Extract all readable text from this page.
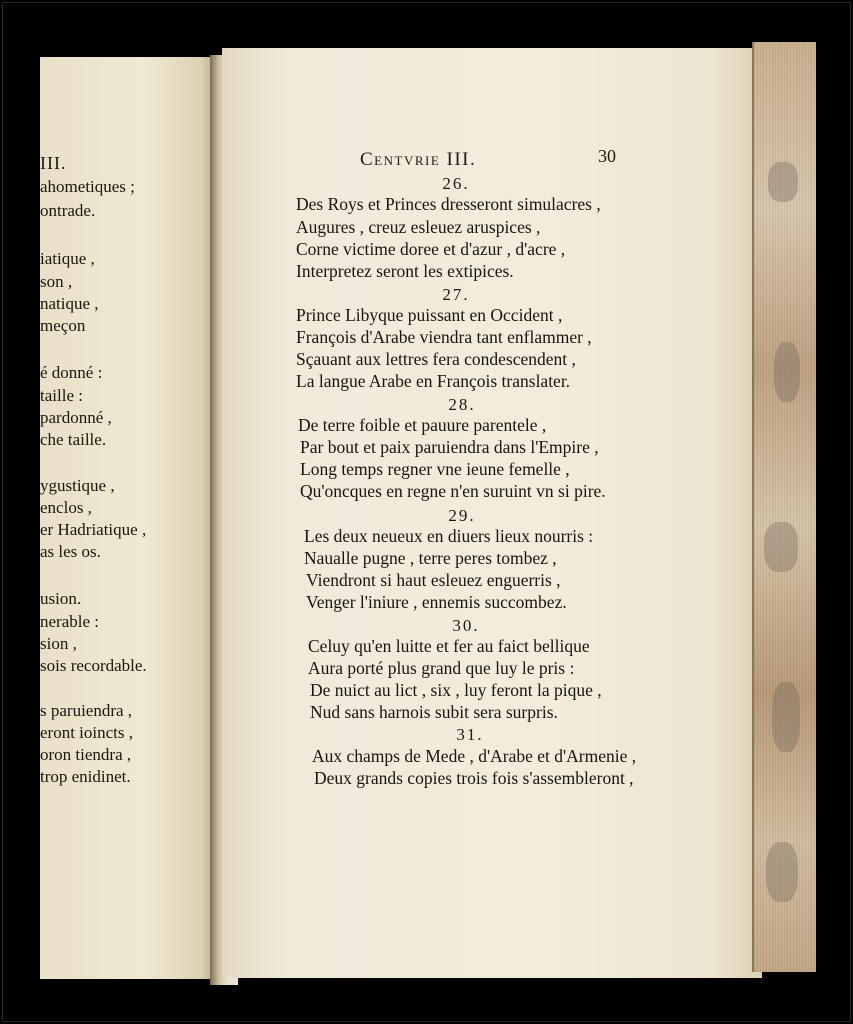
III.
ahometiques ;
ontrade.
iatique ,
son ,
natique ,
meçon
é donné :
taille :
pardonné ,
che taille.
ygustique ,
enclos ,
er Hadriatique ,
as les os.
usion.
nerable :
sion ,
sois recordable.
s paruiendra ,
eront ioincts ,
oron tiendra ,
trop enidinet.
Centvrie III.	30
26.
Des Roys et Princes dresseront simulacres ,
Augures , creuz esleuez aruspices ,
Corne victime doree et d'azur , d'acre ,
Interpretez seront les extipices.
27.
Prince Libyque puissant en Occident ,
François d'Arabe viendra tant enflammer ,
Sçauant aux lettres fera condescendent ,
La langue Arabe en François translater.
28.
De terre foible et pauure parentele ,
Par bout et paix paruiendra dans l'Empire ,
Long temps regner vne ieune femelle ,
Qu'oncques en regne n'en suruint vn si pire.
29.
Les deux neueux en diuers lieux nourris :
Naualle pugne , terre peres tombez ,
Viendront si haut esleuez enguerris ,
Venger l'iniure , ennemis succombez.
30.
Celuy qu'en luitte et fer au faict bellique
Aura porté plus grand que luy le pris :
De nuict au lict , six , luy feront la pique ,
Nud sans harnois subit sera surpris.
31.
Aux champs de Mede , d'Arabe et d'Armenie ,
Deux grands copies trois fois s'assembleront ,
